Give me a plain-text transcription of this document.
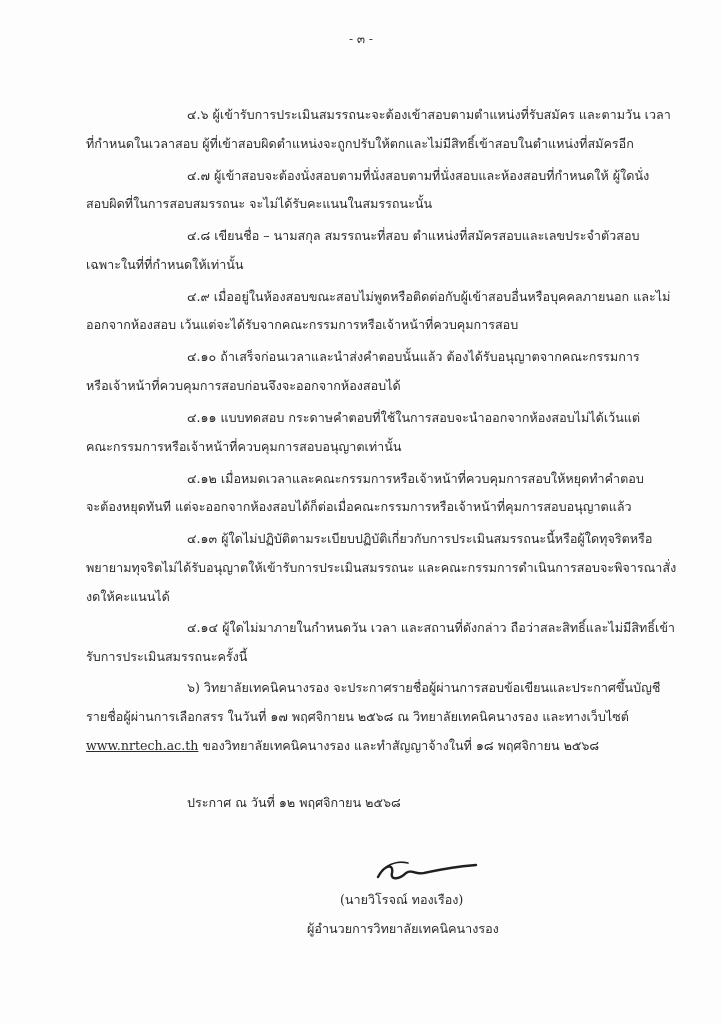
- ๓ -
๔.๖ ผู้เข้ารับการประเมินสมรรถนะจะต้องเข้าสอบตามตำแหน่งที่รับสมัคร และตามวัน เวลา
ที่กำหนดในเวลาสอบ ผู้ที่เข้าสอบผิดตำแหน่งจะถูกปรับให้ตกและไม่มีสิทธิ์เข้าสอบในตำแหน่งที่สมัครอีก
๔.๗ ผู้เข้าสอบจะต้องนั่งสอบตามที่นั่งสอบตามที่นั่งสอบและห้องสอบที่กำหนดให้ ผู้ใดนั่ง
สอบผิดที่ในการสอบสมรรถนะ จะไม่ได้รับคะแนนในสมรรถนะนั้น
๔.๘ เขียนชื่อ – นามสกุล สมรรถนะที่สอบ ตำแหน่งที่สมัครสอบและเลขประจำตัวสอบ
เฉพาะในที่ที่กำหนดให้เท่านั้น
๔.๙ เมื่ออยู่ในห้องสอบขณะสอบไม่พูดหรือติดต่อกับผู้เข้าสอบอื่นหรือบุคคลภายนอก และไม่
ออกจากห้องสอบ เว้นแต่จะได้รับจากคณะกรรมการหรือเจ้าหน้าที่ควบคุมการสอบ
๔.๑๐ ถ้าเสร็จก่อนเวลาและนำส่งคำตอบนั้นแล้ว ต้องได้รับอนุญาตจากคณะกรรมการ
หรือเจ้าหน้าที่ควบคุมการสอบก่อนจึงจะออกจากห้องสอบได้
๔.๑๑ แบบทดสอบ กระดาษคำตอบที่ใช้ในการสอบจะนำออกจากห้องสอบไม่ได้เว้นแต่
คณะกรรมการหรือเจ้าหน้าที่ควบคุมการสอบอนุญาตเท่านั้น
๔.๑๒ เมื่อหมดเวลาและคณะกรรมการหรือเจ้าหน้าที่ควบคุมการสอบให้หยุดทำคำตอบ
จะต้องหยุดทันที แต่จะออกจากห้องสอบได้ก็ต่อเมื่อคณะกรรมการหรือเจ้าหน้าที่คุมการสอบอนุญาตแล้ว
๔.๑๓ ผู้ใดไม่ปฏิบัติตามระเบียบปฏิบัติเกี่ยวกับการประเมินสมรรถนะนี้หรือผู้ใดทุจริตหรือ
พยายามทุจริตไม่ได้รับอนุญาตให้เข้ารับการประเมินสมรรถนะ และคณะกรรมการดำเนินการสอบจะพิจารณาสั่ง
งดให้คะแนนได้
๔.๑๔ ผู้ใดไม่มาภายในกำหนดวัน เวลา และสถานที่ดังกล่าว ถือว่าสละสิทธิ์และไม่มีสิทธิ์เข้า
รับการประเมินสมรรถนะครั้งนี้
๖) วิทยาลัยเทคนิคนางรอง จะประกาศรายชื่อผู้ผ่านการสอบข้อเขียนและประกาศขึ้นบัญชี
รายชื่อผู้ผ่านการเลือกสรร ในวันที่ ๑๗ พฤศจิกายน ๒๕๖๘ ณ วิทยาลัยเทคนิคนางรอง และทางเว็บไซต์
www.nrtech.ac.th ของวิทยาลัยเทคนิคนางรอง และทำสัญญาจ้างในที่ ๑๘ พฤศจิกายน ๒๕๖๘
ประกาศ ณ วันที่ ๑๒ พฤศจิกายน ๒๕๖๘
(นายวิโรจณ์ ทองเรือง)
ผู้อำนวยการวิทยาลัยเทคนิคนางรอง
